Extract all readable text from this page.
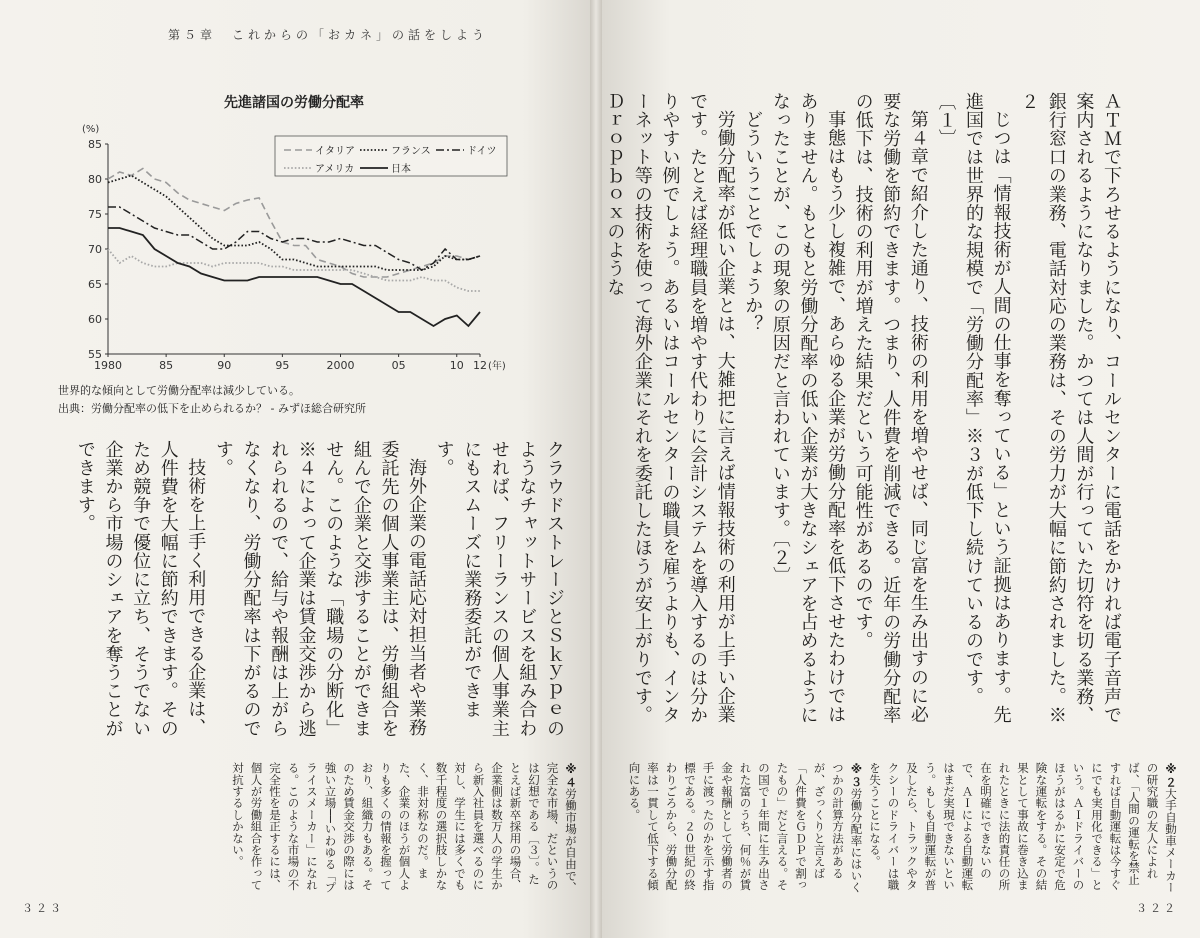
第５章　これからの「おカネ」の話をしよう
先進諸国の労働分配率
(%)
55
60
65
70
75
80
85
1980	85	90	95	2000	05	10 12 (年)
イタリア	フランス	ドイツ
アメリカ	日本
世界的な傾向として労働分配率は減少している。
出典：労働分配率の低下を止められるか？ - みずほ総合研究所	ＡＴＭで下ろせるようになり、コールセンターに電話をかければ電子音声で案内されるようになりました。かつては人間が行っていた切符を切る業務、銀行窓口の業務、電話対応の業務は、その労力が大幅に節約されました。※２

じつは「情報技術が人間の仕事を奪っている」という証拠はあります。先進国では世界的な規模で「労働分配率」※３が低下し続けているのです。〔１〕

第４章で紹介した通り、技術の利用を増やせば、同じ富を生み出すのに必要な労働を節約できます。つまり、人件費を削減できる。近年の労働分配率の低下は、技術の利用が増えた結果だという可能性があるのです。

事態はもう少し複雑で、あらゆる企業が労働分配率を低下させたわけではありません。もともと労働分配率の低い企業が大きなシェアを占めるようになったことが、この現象の原因だと言われています。〔２〕

どういうことでしょうか？

労働分配率が低い企業とは、大雑把に言えば情報技術の利用が上手い企業です。たとえば経理職員を増やす代わりに会計システムを導入するのは分かりやすい例でしょう。あるいはコールセンターの職員を雇うよりも、インターネット等の技術を使って海外企業にそれを委託したほうが安上がりです。Ｄｒｏｐｂｏｘのような

クラウドストレージとＳｋｙｐｅのようなチャットサービスを組み合わせれば、フリーランスの個人事業主にもスムーズに業務委託ができます。

海外企業の電話応対担当者や業務委託先の個人事業主は、労働組合を組んで企業と交渉することができません。このような「職場の分断化」※４によって企業は賃金交渉から逃れられるので、給与や報酬は上がらなくなり、労働分配率は下がるのです。

技術を上手く利用できる企業は、人件費を大幅に節約できます。そのため競争で優位に立ち、そうでない企業から市場のシェアを奪うことができます。

※２大手自動車メーカーの研究職の友人によれば、「人間の運転を禁止すれば自動運転は今すぐにでも実用化できる」という。ＡＩドライバーのほうがはるかに安定で危険な運転をする。その結果として事故に巻き込まれたときに法的責任の所在を明確にできないので、ＡＩによる自動運転はまだ実現できないという。もしも自動運転が普及したら、トラックやタクシーのドライバーは職を失うことになる。

※３労働分配率にはいくつかの計算方法があるが、ざっくりと言えば「人件費をＧＤＰで割ったもの」だと言える。その国で１年間に生み出された富のうち、何％が賃金や報酬として労働者の手に渡ったのかを示す指標である。２０世紀の終わりごろから、労働分配率は一貫して低下する傾向にある。

※４労働市場が自由で、完全な市場、だというのは幻想である〔３〕。たとえば新卒採用の場合、企業側は数万人の学生から新入社員を選べるのに対し、学生には多くでも数千程度の選択肢しかなく、非対称なのだ。また、企業のほうが個人よりも多くの情報を握っており、組織力もある。そのため賃金交渉の際には強い立場──いわゆる「プライスメーカー」になれる。このような市場の不完全性を是正するには、個人が労働組合を作って対抗するしかない。

３２３	３２２
